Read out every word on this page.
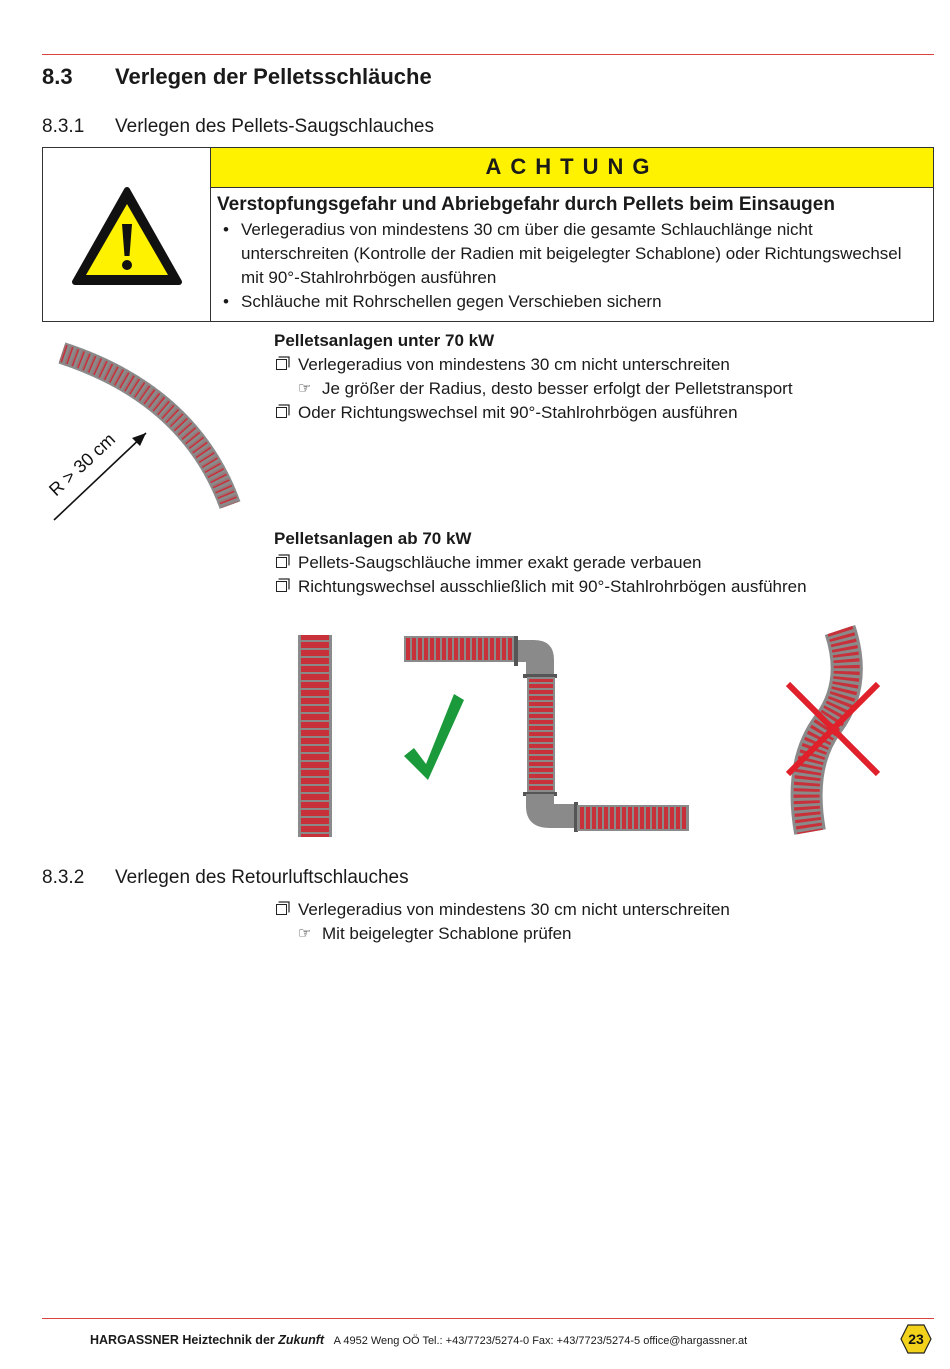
8.3 Verlegen der Pelletsschläuche
8.3.1 Verlegen des Pellets-Saugschlauches
ACHTUNG
Verstopfungsgefahr und Abriebgefahr durch Pellets beim Einsaugen
• Verlegeradius von mindestens 30 cm über die gesamte Schlauchlänge nicht unterschreiten (Kontrolle der Radien mit beigelegter Schablone) oder Richtungswechsel mit 90°-Stahlrohrbögen ausführen
• Schläuche mit Rohrschellen gegen Verschieben sichern
R > 30 cm
Pelletsanlagen unter 70 kW
Verlegeradius von mindestens 30 cm nicht unterschreiten
☞ Je größer der Radius, desto besser erfolgt der Pelletstransport
Oder Richtungswechsel mit 90°-Stahlrohrbögen ausführen
Pelletsanlagen ab 70 kW
Pellets-Saugschläuche immer exakt gerade verbauen
Richtungswechsel ausschließlich mit 90°-Stahlrohrbögen ausführen
8.3.2 Verlegen des Retourluftschlauches
Verlegeradius von mindestens 30 cm nicht unterschreiten
☞ Mit beigelegter Schablone prüfen
HARGASSNER Heiztechnik der Zukunft A 4952 Weng OÖ Tel.: +43/7723/5274-0 Fax: +43/7723/5274-5 office@hargassner.at	23
